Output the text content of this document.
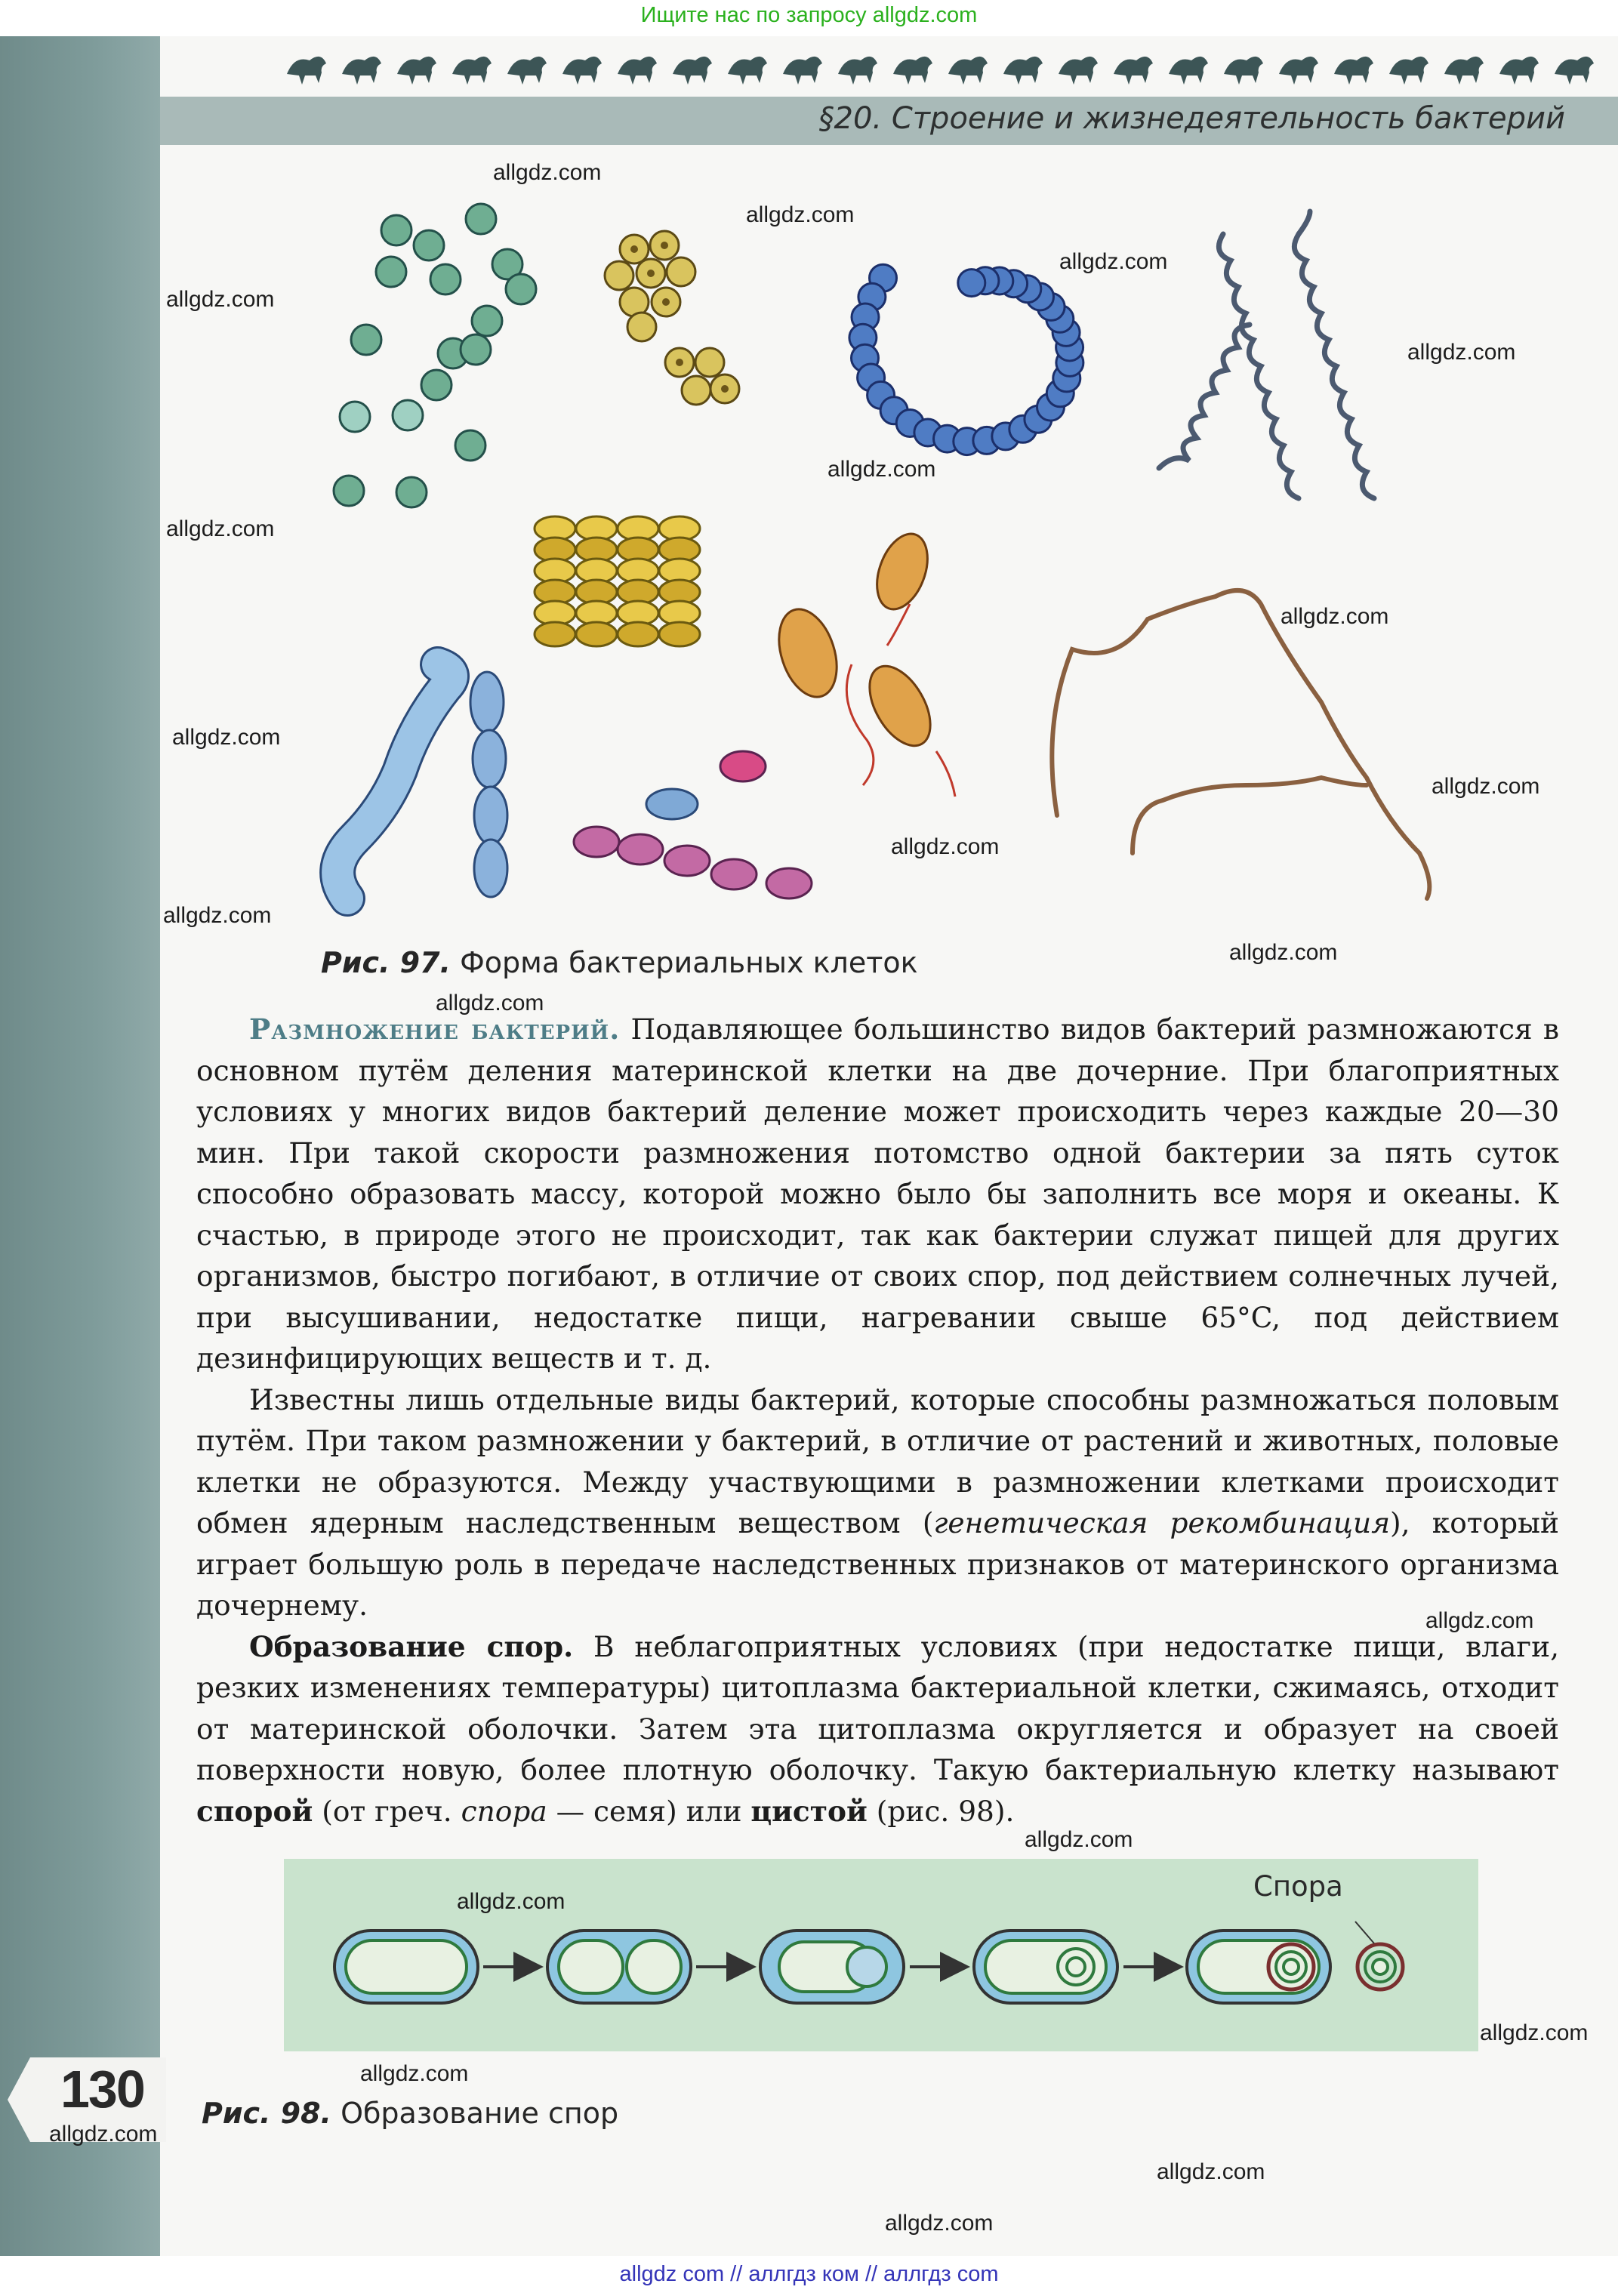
Ищите нас по запросу allgdz.com
§20. Строение и жизнедеятельность бактерий
Рис. 97. Форма бактериальных клеток

Размножение бактерий. Подавляющее большинство видов бактерий размножаются в основном путём деления материнской клетки на две дочерние. При благоприятных условиях у многих видов бактерий деление может происходить через каждые 20—30 мин. При такой скорости размножения потомство одной бактерии за пять суток способно образовать массу, которой можно было бы заполнить все моря и океаны. К счастью, в природе этого не происходит, так как бактерии служат пищей для других организмов, быстро погибают, в отличие от своих спор, под действием солнечных лучей, при высушивании, недостатке пищи, нагревании свыше 65°C, под действием дезинфицирующих веществ и т. д.

Известны лишь отдельные виды бактерий, которые способны размножаться половым путём. При таком размножении у бактерий, в отличие от растений и животных, половые клетки не образуются. Между участвующими в размножении клетками происходит обмен ядерным наследственным веществом (генетическая рекомбинация), который играет большую роль в передаче наследственных признаков от материнского организма дочернему.

Образование спор. В неблагоприятных условиях (при недостатке пищи, влаги, резких изменениях температуры) цитоплазма бактериальной клетки, сжимаясь, отходит от материнской оболочки. Затем эта цитоплазма округляется и образует на своей поверхности новую, более плотную оболочку. Такую бактериальную клетку называют спорой (от греч. спора — семя) или цистой (рис. 98).

Спора
Рис. 98. Образование спор
130
allgdz.com
allgdz.com
allgdz.com
allgdz.com
allgdz.com
allgdz.com
allgdz.com
allgdz.com
allgdz.com
allgdz.com
allgdz.com
allgdz.com
allgdz.com
allgdz.com
allgdz.com
allgdz.com
allgdz.com
allgdz.com
allgdz.com
allgdz.com
allgdz.com
allgdz.com
allgdz com // аллгдз ком // аллгдз com
